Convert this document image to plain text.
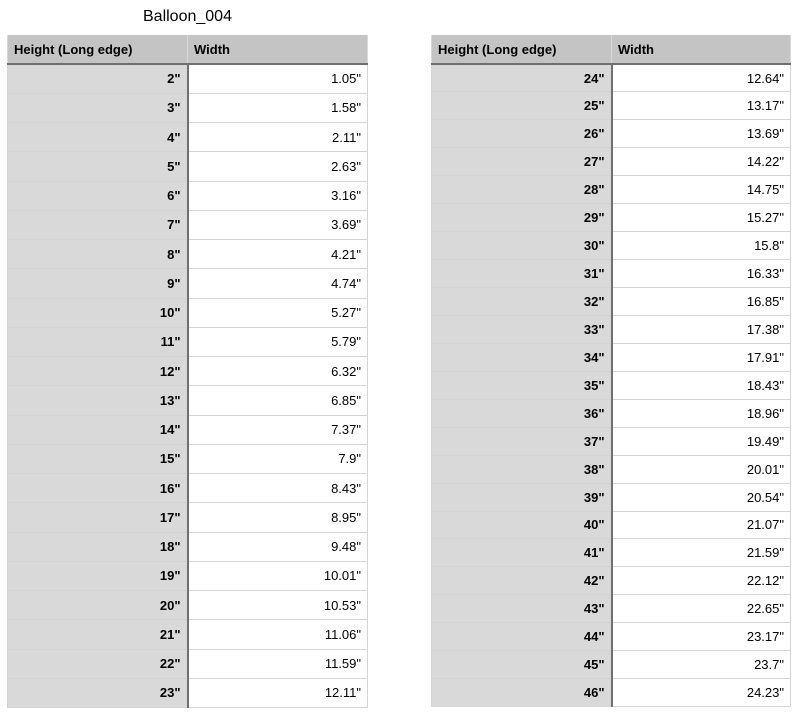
Balloon_004
Height (Long edge)	Width
2"	1.05"
3"	1.58"
4"	2.11"
5"	2.63"
6"	3.16"
7"	3.69"
8"	4.21"
9"	4.74"
10"	5.27"
11"	5.79"
12"	6.32"
13"	6.85"
14"	7.37"
15"	7.9"
16"	8.43"
17"	8.95"
18"	9.48"
19"	10.01"
20"	10.53"
21"	11.06"
22"	11.59"
23"	12.11"
Height (Long edge)	Width
24"	12.64"
25"	13.17"
26"	13.69"
27"	14.22"
28"	14.75"
29"	15.27"
30"	15.8"
31"	16.33"
32"	16.85"
33"	17.38"
34"	17.91"
35"	18.43"
36"	18.96"
37"	19.49"
38"	20.01"
39"	20.54"
40"	21.07"
41"	21.59"
42"	22.12"
43"	22.65"
44"	23.17"
45"	23.7"
46"	24.23"
